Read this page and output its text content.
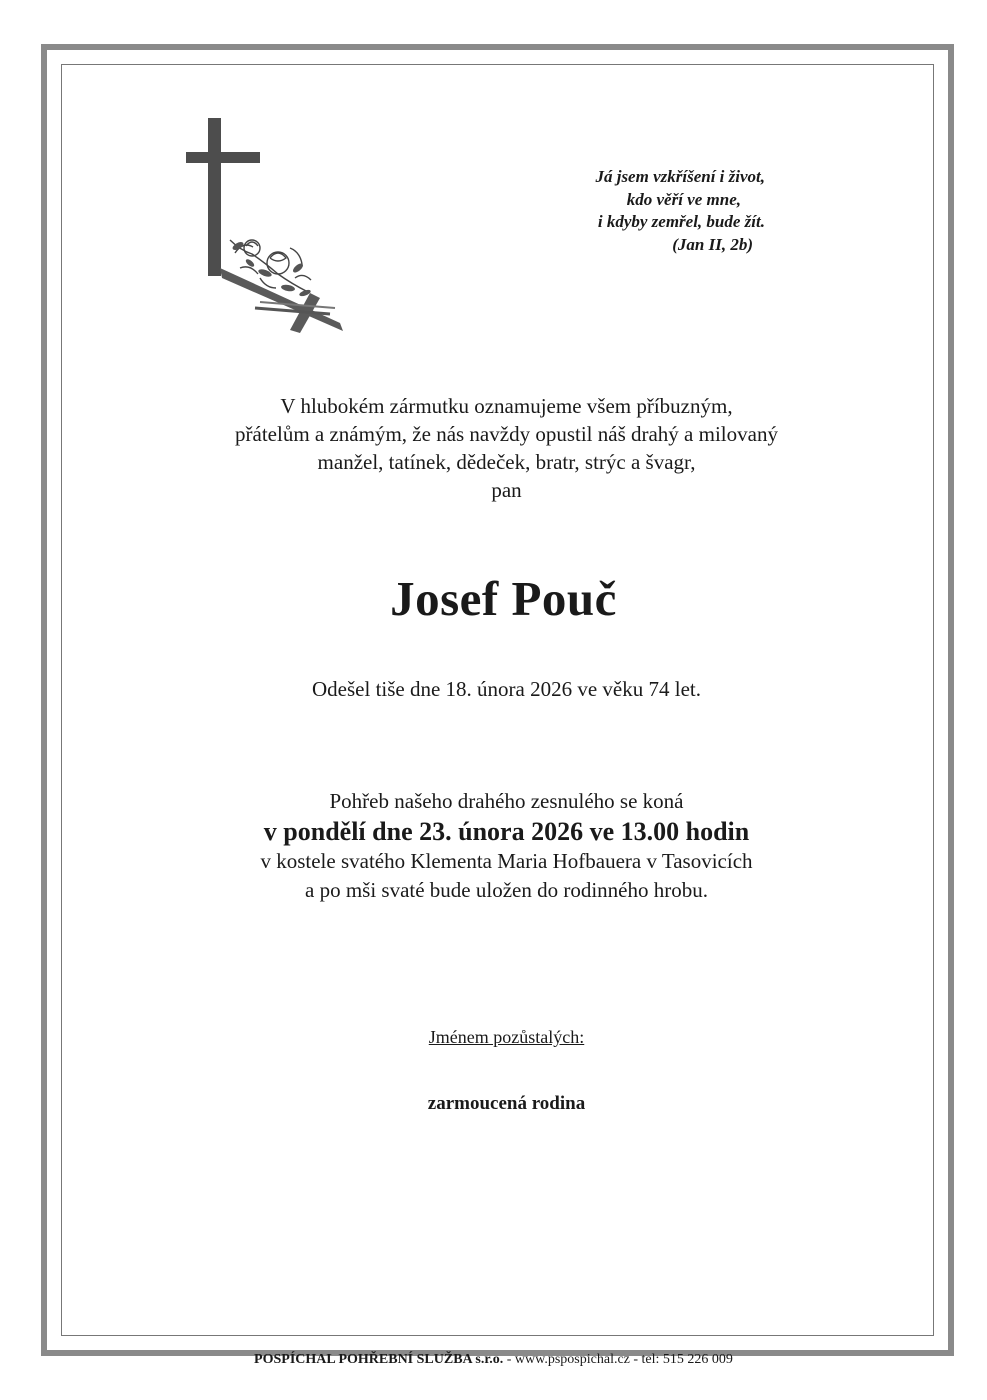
Já jsem vzkříšení i život,
kdo věří ve mne,
i kdyby zemřel, bude žít.
(Jan II, 2b)
V hlubokém zármutku oznamujeme všem příbuzným,
přátelům a známým, že nás navždy opustil náš drahý a milovaný
manžel, tatínek, dědeček, bratr, strýc a švagr,
pan
Josef Pouč
Odešel tiše dne 18. února 2026 ve věku 74 let.
Pohřeb našeho drahého zesnulého se koná
v pondělí dne 23. února 2026 ve 13.00 hodin
v kostele svatého Klementa Maria Hofbauera v Tasovicích
a po mši svaté bude uložen do rodinného hrobu.
Jménem pozůstalých:
zarmoucená rodina
POSPÍCHAL POHŘEBNÍ SLUŽBA s.r.o. - www.pspospichal.cz - tel: 515 226 009
